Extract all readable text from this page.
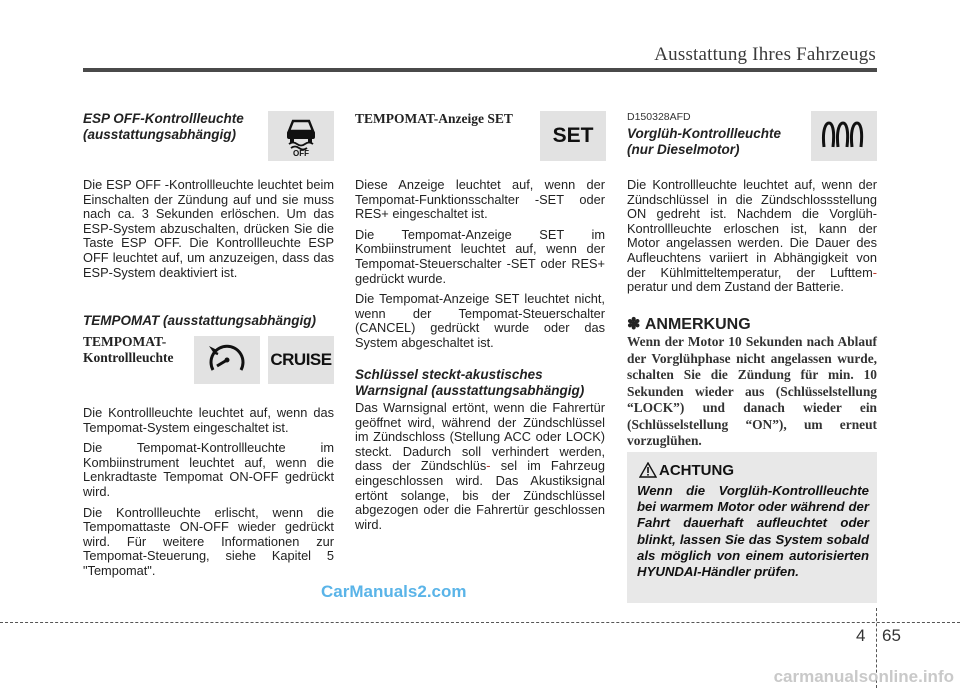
Ausstattung Ihres Fahrzeugs
ESP OFF-Kontrollleuchte
(ausstattungsabhängig)
OFF

Die ESP OFF -Kontrollleuchte leuchtet beim Einschalten der Zündung auf und sie muss nach ca. 3 Sekunden erlöschen. Um das ESP-System abzuschalten, drücken Sie die Taste ESP OFF. Die Kontrollleuchte ESP OFF leuchtet auf, um anzuzeigen, dass das ESP-System deaktiviert ist.

TEMPOMAT (ausstattungsabhängig)
TEMPOMAT-
Kontrollleuchte	CRUISE

Die Kontrollleuchte leuchtet auf, wenn das Tempomat-System eingeschaltet ist.

Die Tempomat-Kontrollleuchte im Kombiinstrument leuchtet auf, wenn die Lenkradtaste Tempomat ON-OFF gedrückt wird.

Die Kontrollleuchte erlischt, wenn die Tempomattaste ON-OFF wieder gedrückt wird. Für weitere Informationen zur Tempomat-Steuerung, siehe Kapitel 5 "Tempomat".

TEMPOMAT-Anzeige SET
SET

Diese Anzeige leuchtet auf, wenn der Tempomat-Funktionsschalter -SET oder RES+ eingeschaltet ist.

Die Tempomat-Anzeige SET im Kombiinstrument leuchtet auf, wenn der Tempomat-Steuerschalter -SET oder RES+ gedrückt wurde.

Die Tempomat-Anzeige SET leuchtet nicht, wenn der Tempomat-Steuerschalter (CANCEL) gedrückt wurde oder das System abgeschaltet ist.

Schlüssel steckt-akustisches
Warnsignal (ausstattungsabhängig)

Das Warnsignal ertönt, wenn die Fahrertür geöffnet wird, während der Zündschlüssel im Zündschloss (Stellung ACC oder LOCK) steckt. Dadurch soll verhindert werden, dass der Zündschlüs- sel im Fahrzeug eingeschlossen wird. Das Akustiksignal ertönt solange, bis der Zündschlüssel abgezogen oder die Fahrertür geschlossen wird.

D150328AFD
Vorglüh-Kontrollleuchte
(nur Dieselmotor)

Die Kontrollleuchte leuchtet auf, wenn der Zündschlüssel in die Zündschlossstellung ON gedreht ist. Nachdem die Vorglüh-Kontrollleuchte erloschen ist, kann der Motor angelassen werden. Die Dauer des Aufleuchtens variiert in Abhängigkeit von der Kühlmitteltemperatur, der Lufttem- peratur und dem Zustand der Batterie.

✽ ANMERKUNG
Wenn der Motor 10 Sekunden nach Ablauf der Vorglühphase nicht angelassen wurde, schalten Sie die Zündung für min. 10 Sekunden wieder aus (Schlüsselstellung “LOCK”) und danach wieder ein (Schlüsselstellung “ON”), um erneut vorzuglühen.
ACHTUNG
Wenn die Vorglüh-Kontrollleuchte bei warmem Motor oder während der Fahrt dauerhaft aufleuchtet oder blinkt, lassen Sie das System sobald als möglich von einem autorisierten HYUNDAI-Händler prüfen.
CarManuals2.com
4 65
carmanualsonline.info
